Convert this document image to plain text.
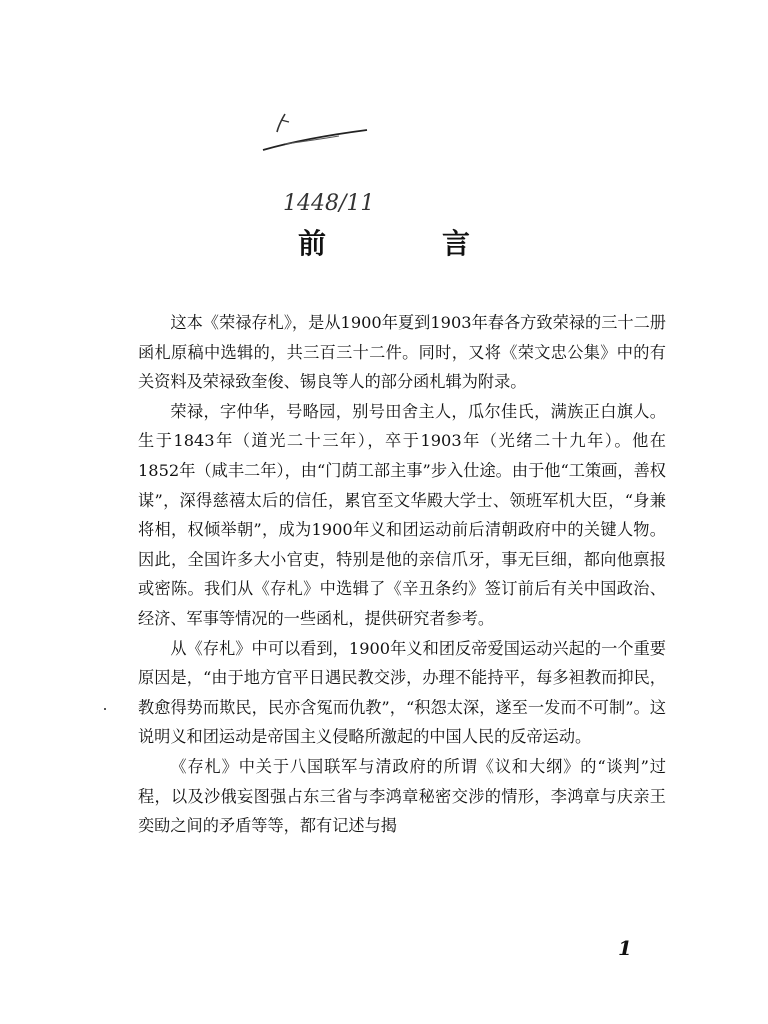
1448/11
前　言

这本《荣禄存札》，是从1900年夏到1903年春各方致荣禄的三十二册函札原稿中选辑的，共三百三十二件。同时，又将《荣文忠公集》中的有关资料及荣禄致奎俊、锡良等人的部分函札辑为附录。

荣禄，字仲华，号略园，别号田舍主人，瓜尔佳氏，满族正白旗人。生于1843年（道光二十三年），卒于1903年（光绪二十九年）。他在1852年（咸丰二年），由“门荫工部主事”步入仕途。由于他“工策画，善权谋”，深得慈禧太后的信任，累官至文华殿大学士、领班军机大臣，“身兼将相，权倾举朝”，成为1900年义和团运动前后清朝政府中的关键人物。因此，全国许多大小官吏，特别是他的亲信爪牙，事无巨细，都向他禀报或密陈。我们从《存札》中选辑了《辛丑条约》签订前后有关中国政治、经济、军事等情况的一些函札，提供研究者参考。

从《存札》中可以看到，1900年义和团反帝爱国运动兴起的一个重要原因是，“由于地方官平日遇民教交涉，办理不能持平，每多袒教而抑民，教愈得势而欺民，民亦含冤而仇教”，“积怨太深，遂至一发而不可制”。这说明义和团运动是帝国主义侵略所激起的中国人民的反帝运动。

《存札》中关于八国联军与清政府的所谓《议和大纲》的“谈判”过程，以及沙俄妄图强占东三省与李鸿章秘密交涉的情形，李鸿章与庆亲王奕劻之间的矛盾等等，都有记述与揭

1
